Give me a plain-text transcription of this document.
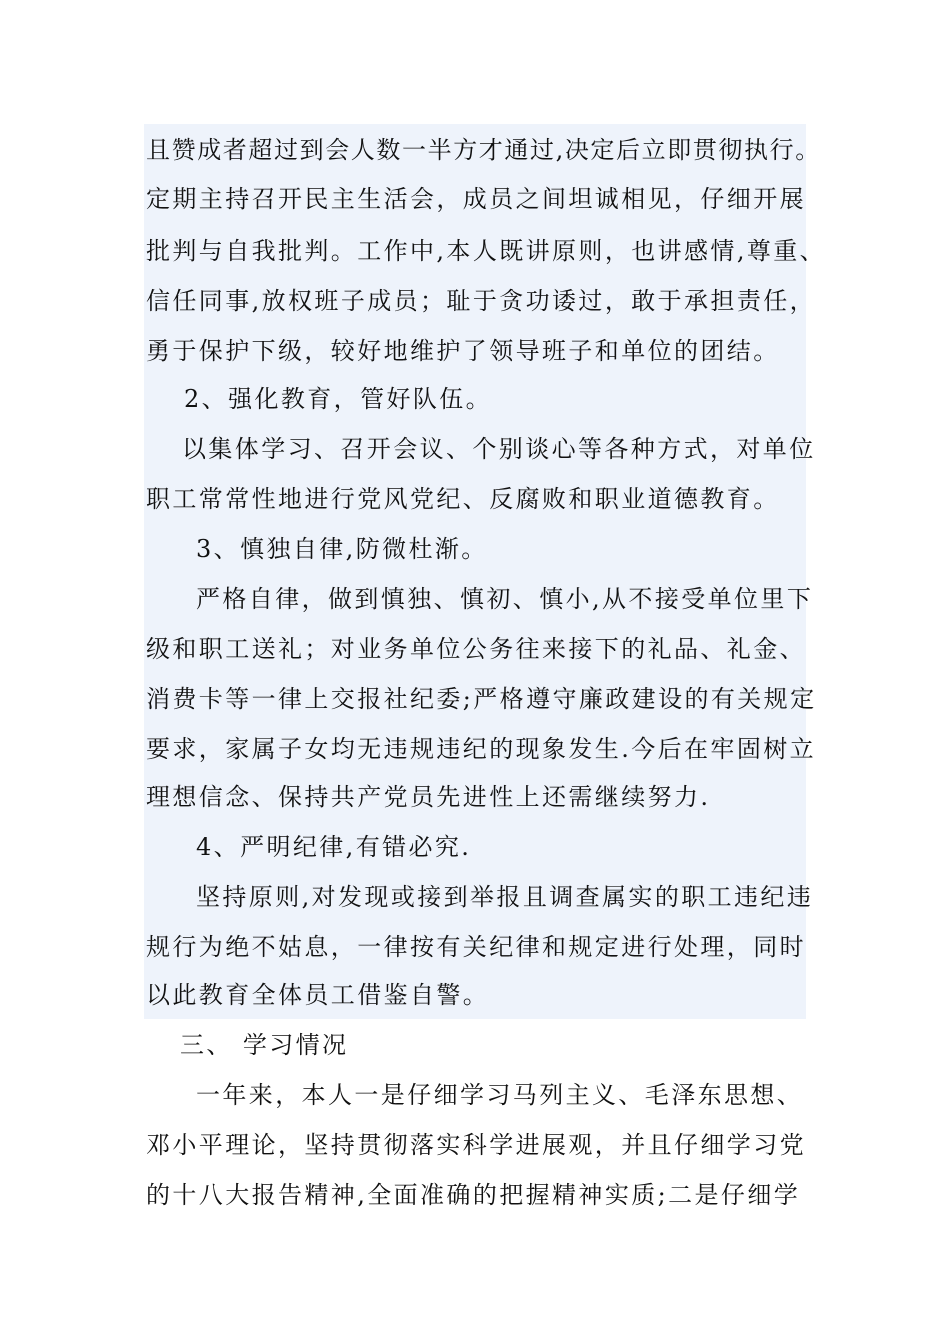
且赞成者超过到会人数一半方才通过,决定后立即贯彻执行。
定期主持召开民主生活会，成员之间坦诚相见，仔细开展
批判与自我批判。工作中,本人既讲原则，也讲感情,尊重、
信任同事,放权班子成员；耻于贪功诿过，敢于承担责任，
勇于保护下级，较好地维护了领导班子和单位的团结。
2、强化教育，管好队伍。
以集体学习、召开会议、个别谈心等各种方式，对单位
职工常常性地进行党风党纪、反腐败和职业道德教育。
3、慎独自律,防微杜渐。
严格自律，做到慎独、慎初、慎小,从不接受单位里下
级和职工送礼；对业务单位公务往来接下的礼品、礼金、
消费卡等一律上交报社纪委;严格遵守廉政建设的有关规定
要求，家属子女均无违规违纪的现象发生.今后在牢固树立
理想信念、保持共产党员先进性上还需继续努力.
4、严明纪律,有错必究.
坚持原则,对发现或接到举报且调查属实的职工违纪违
规行为绝不姑息，一律按有关纪律和规定进行处理，同时
以此教育全体员工借鉴自警。
三、 学习情况
一年来，本人一是仔细学习马列主义、毛泽东思想、
邓小平理论，坚持贯彻落实科学进展观，并且仔细学习党
的十八大报告精神,全面准确的把握精神实质;二是仔细学
